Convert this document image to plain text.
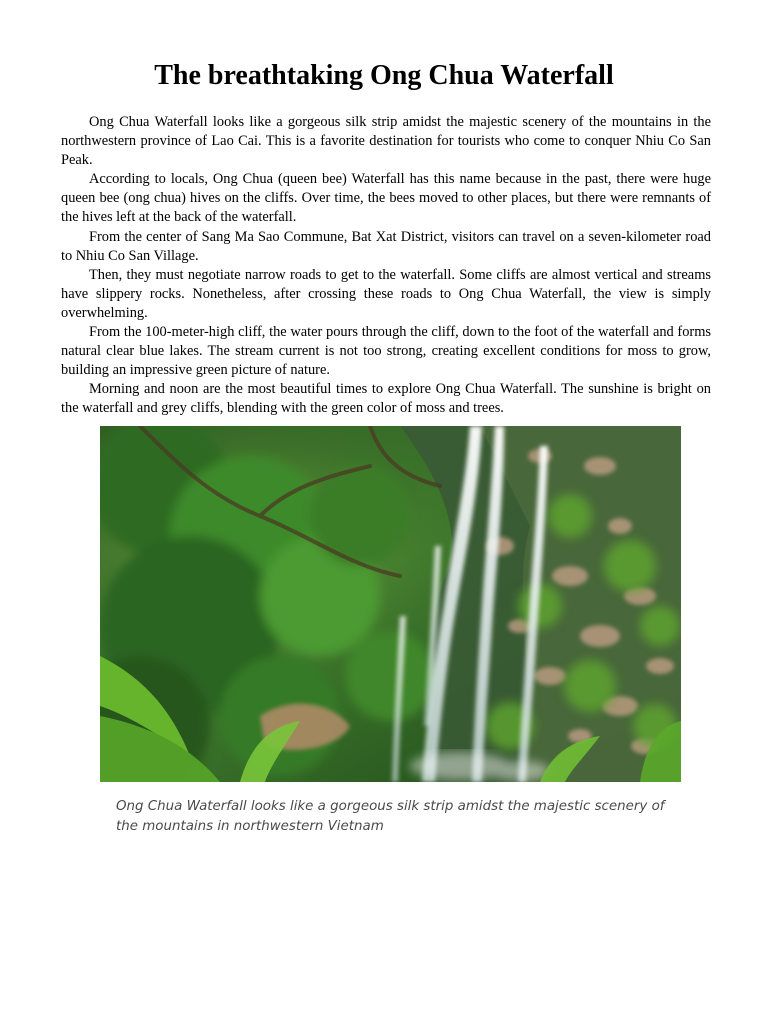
The breathtaking Ong Chua Waterfall

Ong Chua Waterfall looks like a gorgeous silk strip amidst the majestic scenery of the mountains in the northwestern province of Lao Cai. This is a favorite destination for tourists who come to conquer Nhiu Co San Peak.

According to locals, Ong Chua (queen bee) Waterfall has this name because in the past, there were huge queen bee (ong chua) hives on the cliffs. Over time, the bees moved to other places, but there were remnants of the hives left at the back of the waterfall.

From the center of Sang Ma Sao Commune, Bat Xat District, visitors can travel on a seven-kilometer road to Nhiu Co San Village.

Then, they must negotiate narrow roads to get to the waterfall. Some cliffs are almost vertical and streams have slippery rocks. Nonetheless, after crossing these roads to Ong Chua Waterfall, the view is simply overwhelming.

From the 100-meter-high cliff, the water pours through the cliff, down to the foot of the waterfall and forms natural clear blue lakes. The stream current is not too strong, creating excellent conditions for moss to grow, building an impressive green picture of nature.

Morning and noon are the most beautiful times to explore Ong Chua Waterfall. The sunshine is bright on the waterfall and grey cliffs, blending with the green color of moss and trees.

Ong Chua Waterfall looks like a gorgeous silk strip amidst the majestic scenery of the mountains in northwestern Vietnam
